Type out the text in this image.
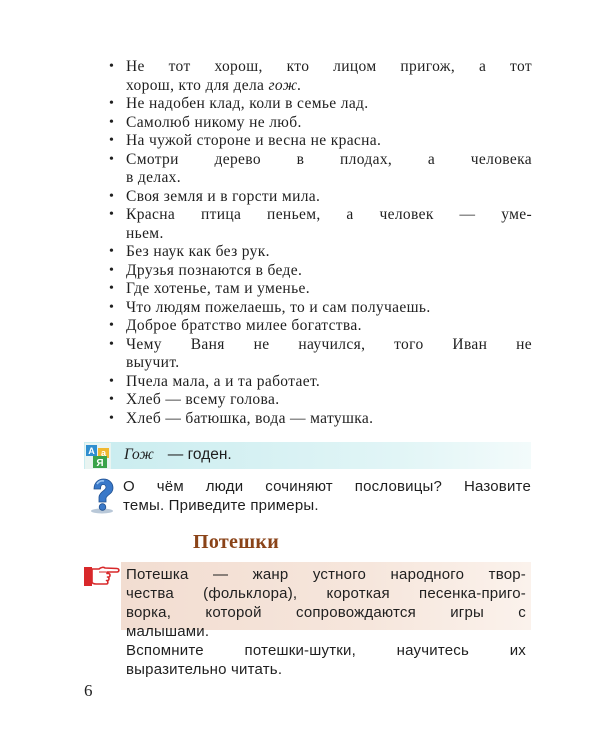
• Не тот хорош, кто лицом пригож, а тот
хорош, кто для дела гож.
• Не надобен клад, коли в семье лад.
• Самолюб никому не люб.
• На чужой стороне и весна не красна.
• Смотри дерево в плодах, а человека
в делах.
• Своя земля и в горсти мила.
• Красна птица пеньем, а человек — уме-
ньем.
• Без наук как без рук.
• Друзья познаются в беде.
• Где хотенье, там и уменье.
• Что людям пожелаешь, то и сам получаешь.
• Доброе братство милее богатства.
• Чему Ваня не научился, того Иван не
выучит.
• Пчела мала, а и та работает.
• Хлеб — всему голова.
• Хлеб — батюшка, вода — матушка.
А а
Я
Гож — годен.
О чём люди сочиняют пословицы? Назовите
темы. Приведите примеры.
Потешки
Потешка — жанр устного народного твор-
чества (фольклора), короткая песенка-приго-
ворка, которой сопровождаются игры с
малышами.
Вспомните потешки-шутки, научитесь их
выразительно читать.
6
